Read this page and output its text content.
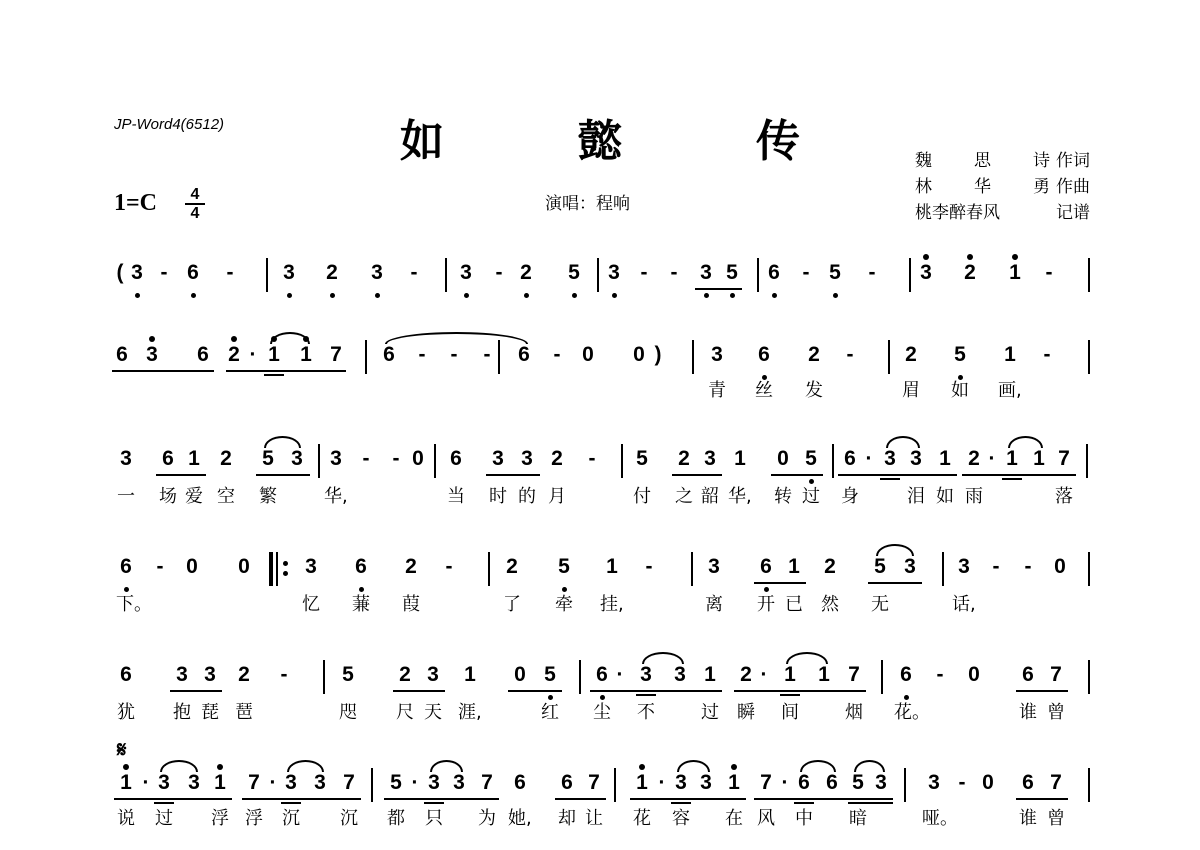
JP-Word4(6512)	如	懿	传
$1=C \frac{4}{4}$	演唱：程响
魏 思 诗 作词
林 华 勇 作曲
桃李醉春风	记谱
𝄋
( 3 - 6	-	3	2	3	-	3	- 2	5	3 -	-	3 5	6	- 5	-	3	2	1	-
6 3	6 2 · 1 1 7	6	-	-	-	6	-	0	0 )	3	6	2	-	2	5	1	-
青 丝 发	眉 如 画,
3	6 1 2	5 3	3 -	- 0	6	3 3 2	-	5	2 3 1	0 5	6 · 3 3 1 2 · 1 1 7
一 场 爱 空 繁	华,	当 时 的 月	付 之 韶 华,	转 过 身	泪 如 雨	落
6	-	0	0	3	6	2	-	2	5	1	-	3	6 1	2	5 3	3	-	-	0
下。	忆 蒹 葭	了 牵 挂,	离 开 已 然 无	话,
6	3 3	2	-	5	2 3	1	0 5	6 · 3	3 1	2 · 1	1 7	6	-	0	6 7
犹 抱 琵 琶	咫 尺 天 涯,	红 尘 不	过 瞬 间	烟 花。	谁 曾
1 · 3 3 1	7 · 3 3 7	5 · 3 3 7	6	6 7	1 · 3 3 1 7 · 6 6 5 3	3 - 0	6 7
说 过 浮 浮 沉 沉 都 只 为 她,	却 让 花 容 在 风 中 暗	哑。	谁 曾
